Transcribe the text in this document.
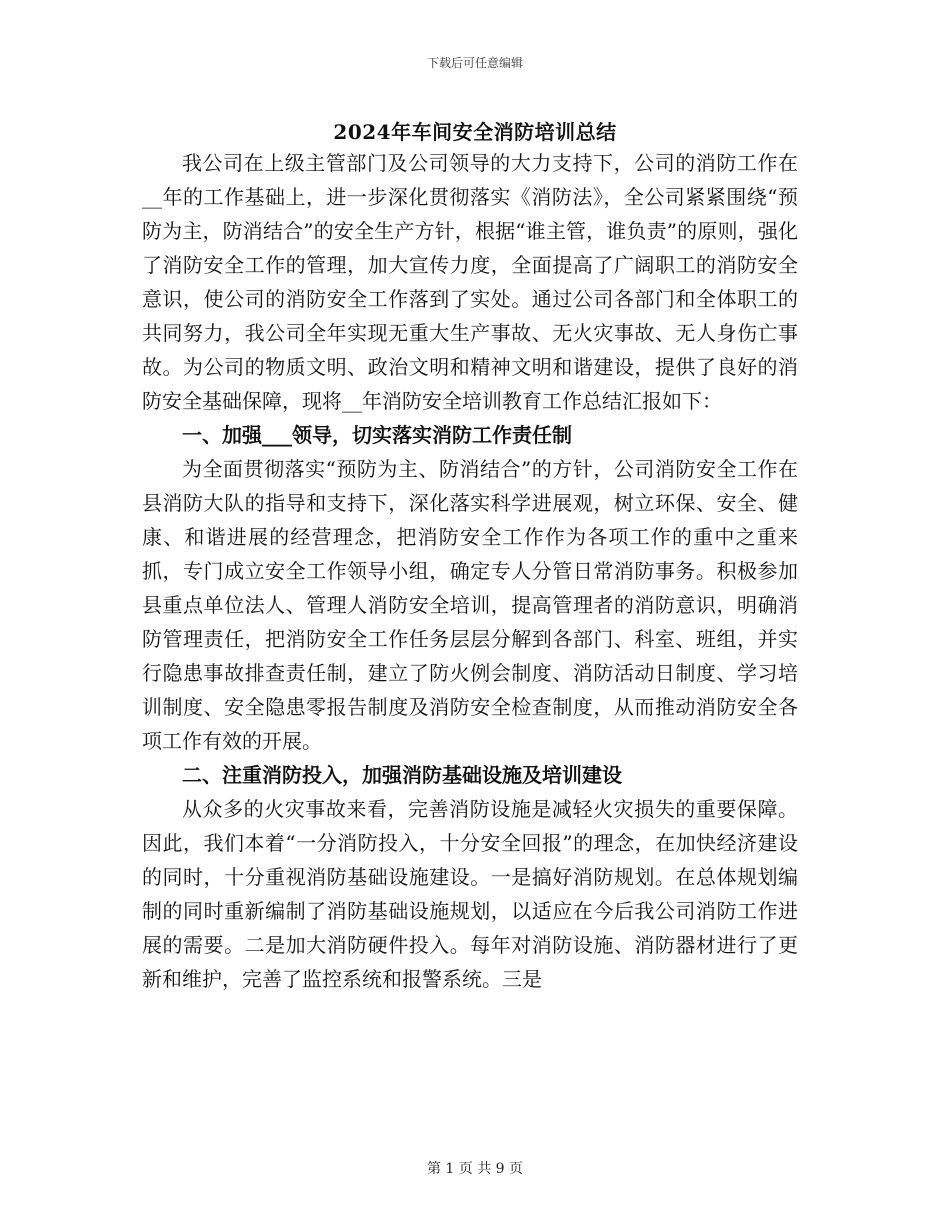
下载后可任意编辑
2024年车间安全消防培训总结

我公司在上级主管部门及公司领导的大力支持下，公司的消防工作在__年的工作基础上，进一步深化贯彻落实《消防法》，全公司紧紧围绕“预防为主，防消结合”的安全生产方针，根据“谁主管，谁负责”的原则，强化了消防安全工作的管理，加大宣传力度，全面提高了广阔职工的消防安全意识，使公司的消防安全工作落到了实处。通过公司各部门和全体职工的共同努力，我公司全年实现无重大生产事故、无火灾事故、无人身伤亡事故。为公司的物质文明、政治文明和精神文明和谐建设，提供了良好的消防安全基础保障，现将__年消防安全培训教育工作总结汇报如下：

一、加强___领导，切实落实消防工作责任制

为全面贯彻落实“预防为主、防消结合”的方针，公司消防安全工作在县消防大队的指导和支持下，深化落实科学进展观，树立环保、安全、健康、和谐进展的经营理念，把消防安全工作作为各项工作的重中之重来抓，专门成立安全工作领导小组，确定专人分管日常消防事务。积极参加县重点单位法人、管理人消防安全培训，提高管理者的消防意识，明确消防管理责任，把消防安全工作任务层层分解到各部门、科室、班组，并实行隐患事故排查责任制，建立了防火例会制度、消防活动日制度、学习培训制度、安全隐患零报告制度及消防安全检查制度，从而推动消防安全各项工作有效的开展。

二、注重消防投入，加强消防基础设施及培训建设

从众多的火灾事故来看，完善消防设施是减轻火灾损失的重要保障。因此，我们本着“一分消防投入，十分安全回报”的理念，在加快经济建设的同时，十分重视消防基础设施建设。一是搞好消防规划。在总体规划编制的同时重新编制了消防基础设施规划，以适应在今后我公司消防工作进展的需要。二是加大消防硬件投入。每年对消防设施、消防器材进行了更新和维护，完善了监控系统和报警系统。三是

第 1 页 共 9 页
